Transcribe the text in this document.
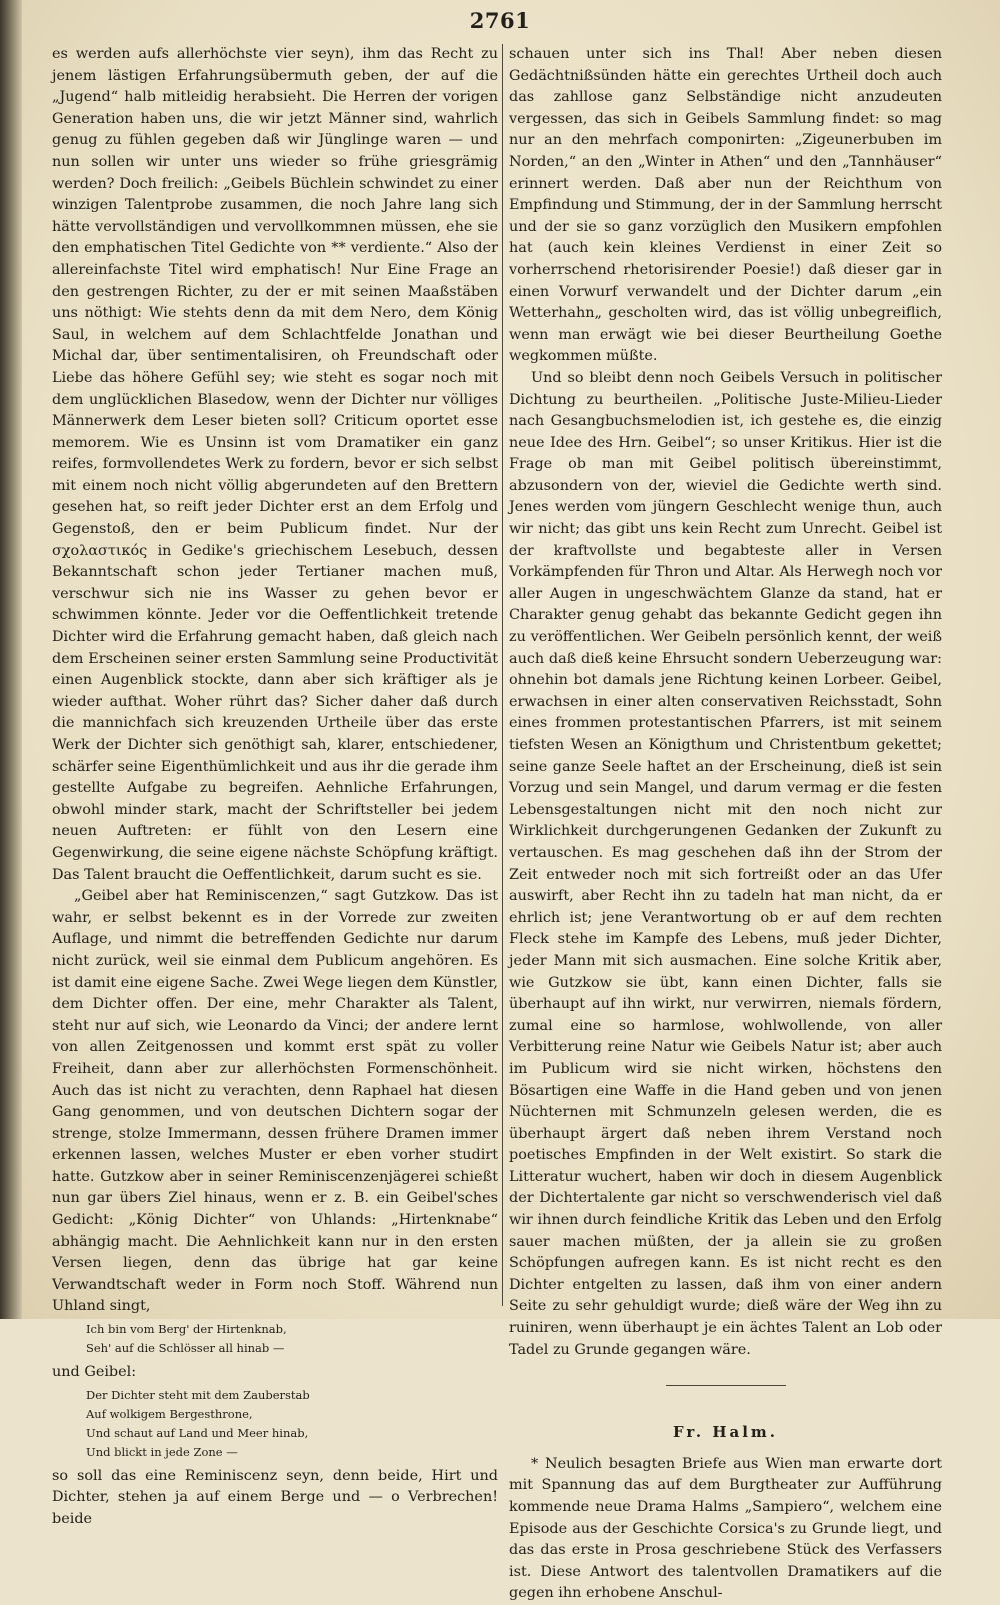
2761

es werden aufs allerhöchste vier seyn), ihm das Recht zu jenem lästigen Erfahrungsübermuth geben, der auf die „Jugend“ halb mitleidig herabsieht. Die Herren der vorigen Generation haben uns, die wir jetzt Männer sind, wahrlich genug zu fühlen gegeben daß wir Jünglinge waren — und nun sollen wir unter uns wieder so frühe griesgrämig werden? Doch freilich: „Geibels Büchlein schwindet zu einer winzigen Talentprobe zusammen, die noch Jahre lang sich hätte vervollständigen und vervollkommnen müssen, ehe sie den emphatischen Titel Gedichte von ** verdiente.“ Also der allereinfachste Titel wird emphatisch! Nur Eine Frage an den gestrengen Richter, zu der er mit seinen Maaßstäben uns nöthigt: Wie stehts denn da mit dem Nero, dem König Saul, in welchem auf dem Schlachtfelde Jonathan und Michal dar, über sentimentalisiren, oh Freundschaft oder Liebe das höhere Gefühl sey; wie steht es sogar noch mit dem unglücklichen Blasedow, wenn der Dichter nur völliges Männerwerk dem Leser bieten soll? Criticum oportet esse memorem. Wie es Unsinn ist vom Dramatiker ein ganz reifes, formvollendetes Werk zu fordern, bevor er sich selbst mit einem noch nicht völlig abgerundeten auf den Brettern gesehen hat, so reift jeder Dichter erst an dem Erfolg und Gegenstoß, den er beim Publicum findet. Nur der σχολαστικός in Gedike's griechischem Lesebuch, dessen Bekanntschaft schon jeder Tertianer machen muß, verschwur sich nie ins Wasser zu gehen bevor er schwimmen könnte. Jeder vor die Oeffentlichkeit tretende Dichter wird die Erfahrung gemacht haben, daß gleich nach dem Erscheinen seiner ersten Sammlung seine Productivität einen Augenblick stockte, dann aber sich kräftiger als je wieder aufthat. Woher rührt das? Sicher daher daß durch die mannichfach sich kreuzenden Urtheile über das erste Werk der Dichter sich genöthigt sah, klarer, entschiedener, schärfer seine Eigenthümlichkeit und aus ihr die gerade ihm gestellte Aufgabe zu begreifen. Aehnliche Erfahrungen, obwohl minder stark, macht der Schriftsteller bei jedem neuen Auftreten: er fühlt von den Lesern eine Gegenwirkung, die seine eigene nächste Schöpfung kräftigt. Das Talent braucht die Oeffentlichkeit, darum sucht es sie.

„Geibel aber hat Reminiscenzen,“ sagt Gutzkow. Das ist wahr, er selbst bekennt es in der Vorrede zur zweiten Auflage, und nimmt die betreffenden Gedichte nur darum nicht zurück, weil sie einmal dem Publicum angehören. Es ist damit eine eigene Sache. Zwei Wege liegen dem Künstler, dem Dichter offen. Der eine, mehr Charakter als Talent, steht nur auf sich, wie Leonardo da Vinci; der andere lernt von allen Zeitgenossen und kommt erst spät zu voller Freiheit, dann aber zur allerhöchsten Formenschönheit. Auch das ist nicht zu verachten, denn Raphael hat diesen Gang genommen, und von deutschen Dichtern sogar der strenge, stolze Immermann, dessen frühere Dramen immer erkennen lassen, welches Muster er eben vorher studirt hatte. Gutzkow aber in seiner Reminiscenzenjägerei schießt nun gar übers Ziel hinaus, wenn er z. B. ein Geibel'sches Gedicht: „König Dichter“ von Uhlands: „Hirtenknabe“ abhängig macht. Die Aehnlichkeit kann nur in den ersten Versen liegen, denn das übrige hat gar keine Verwandtschaft weder in Form noch Stoff. Während nun Uhland singt,

Ich bin vom Berg' der Hirtenknab,
Seh' auf die Schlösser all hinab —

und Geibel:

Der Dichter steht mit dem Zauberstab
Auf wolkigem Bergesthrone,
Und schaut auf Land und Meer hinab,
Und blickt in jede Zone —

so soll das eine Reminiscenz seyn, denn beide, Hirt und Dichter, stehen ja auf einem Berge und — o Verbrechen! beide

schauen unter sich ins Thal! Aber neben diesen Gedächtnißsünden hätte ein gerechtes Urtheil doch auch das zahllose ganz Selbständige nicht anzudeuten vergessen, das sich in Geibels Sammlung findet: so mag nur an den mehrfach componirten: „Zigeunerbuben im Norden,“ an den „Winter in Athen“ und den „Tannhäuser“ erinnert werden. Daß aber nun der Reichthum von Empfindung und Stimmung, der in der Sammlung herrscht und der sie so ganz vorzüglich den Musikern empfohlen hat (auch kein kleines Verdienst in einer Zeit so vorherrschend rhetorisirender Poesie!) daß dieser gar in einen Vorwurf verwandelt und der Dichter darum „ein Wetterhahn„ gescholten wird, das ist völlig unbegreiflich, wenn man erwägt wie bei dieser Beurtheilung Goethe wegkommen müßte.

Und so bleibt denn noch Geibels Versuch in politischer Dichtung zu beurtheilen. „Politische Juste-Milieu-Lieder nach Gesangbuchsmelodien ist, ich gestehe es, die einzig neue Idee des Hrn. Geibel“; so unser Kritikus. Hier ist die Frage ob man mit Geibel politisch übereinstimmt, abzusondern von der, wieviel die Gedichte werth sind. Jenes werden vom jüngern Geschlecht wenige thun, auch wir nicht; das gibt uns kein Recht zum Unrecht. Geibel ist der kraftvollste und begabteste aller in Versen Vorkämpfenden für Thron und Altar. Als Herwegh noch vor aller Augen in ungeschwächtem Glanze da stand, hat er Charakter genug gehabt das bekannte Gedicht gegen ihn zu veröffentlichen. Wer Geibeln persönlich kennt, der weiß auch daß dieß keine Ehrsucht sondern Ueberzeugung war: ohnehin bot damals jene Richtung keinen Lorbeer. Geibel, erwachsen in einer alten conservativen Reichsstadt, Sohn eines frommen protestantischen Pfarrers, ist mit seinem tiefsten Wesen an Königthum und Christentbum gekettet; seine ganze Seele haftet an der Erscheinung, dieß ist sein Vorzug und sein Mangel, und darum vermag er die festen Lebensgestaltungen nicht mit den noch nicht zur Wirklichkeit durchgerungenen Gedanken der Zukunft zu vertauschen. Es mag geschehen daß ihn der Strom der Zeit entweder noch mit sich fortreißt oder an das Ufer auswirft, aber Recht ihn zu tadeln hat man nicht, da er ehrlich ist; jene Verantwortung ob er auf dem rechten Fleck stehe im Kampfe des Lebens, muß jeder Dichter, jeder Mann mit sich ausmachen. Eine solche Kritik aber, wie Gutzkow sie übt, kann einen Dichter, falls sie überhaupt auf ihn wirkt, nur verwirren, niemals fördern, zumal eine so harmlose, wohlwollende, von aller Verbitterung reine Natur wie Geibels Natur ist; aber auch im Publicum wird sie nicht wirken, höchstens den Bösartigen eine Waffe in die Hand geben und von jenen Nüchternen mit Schmunzeln gelesen werden, die es überhaupt ärgert daß neben ihrem Verstand noch poetisches Empfinden in der Welt existirt. So stark die Litteratur wuchert, haben wir doch in diesem Augenblick der Dichtertalente gar nicht so verschwenderisch viel daß wir ihnen durch feindliche Kritik das Leben und den Erfolg sauer machen müßten, der ja allein sie zu großen Schöpfungen aufregen kann. Es ist nicht recht es den Dichter entgelten zu lassen, daß ihm von einer andern Seite zu sehr gehuldigt wurde; dieß wäre der Weg ihn zu ruiniren, wenn überhaupt je ein ächtes Talent an Lob oder Tadel zu Grunde gegangen wäre.

Fr. Halm.

* Neulich besagten Briefe aus Wien man erwarte dort mit Spannung das auf dem Burgtheater zur Aufführung kommende neue Drama Halms „Sampiero“, welchem eine Episode aus der Geschichte Corsica's zu Grunde liegt, und das das erste in Prosa geschriebene Stück des Verfassers ist. Diese Antwort des talentvollen Dramatikers auf die gegen ihn erhobene Anschul-
